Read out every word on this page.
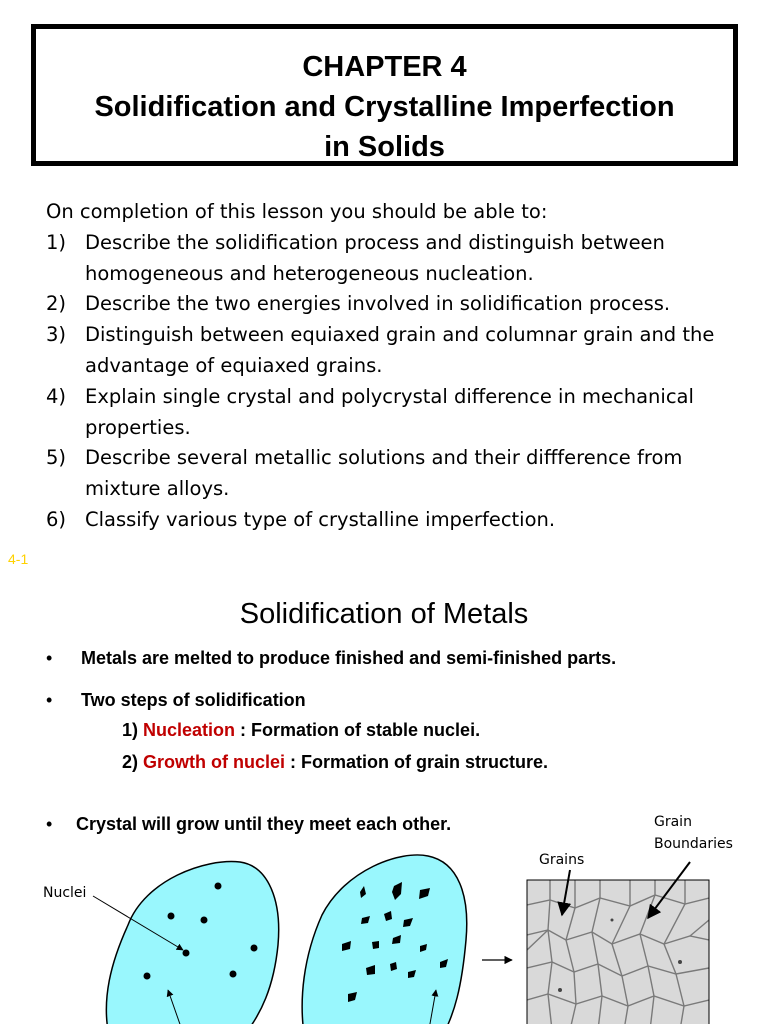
CHAPTER 4
Solidification and Crystalline Imperfection
in Solids
On completion of this lesson you should be able to:
1) Describe the solidification process and distinguish between homogeneous and heterogeneous nucleation.
2) Describe the two energies involved in solidification process.
3) Distinguish between equiaxed grain and columnar grain and the advantage of equiaxed grains.
4) Explain single crystal and polycrystal difference in mechanical properties.
5) Describe several metallic solutions and their diffference from mixture alloys.
6) Classify various type of crystalline imperfection.
4-1
Solidification of Metals
• Metals are melted to produce finished and semi-finished parts.
• Two steps of solidification
1) Nucleation : Formation of stable nuclei.
2) Growth of nuclei : Formation of grain structure.
• Crystal will grow until they meet each other.
Nuclei
Grains
Grain
Boundaries
